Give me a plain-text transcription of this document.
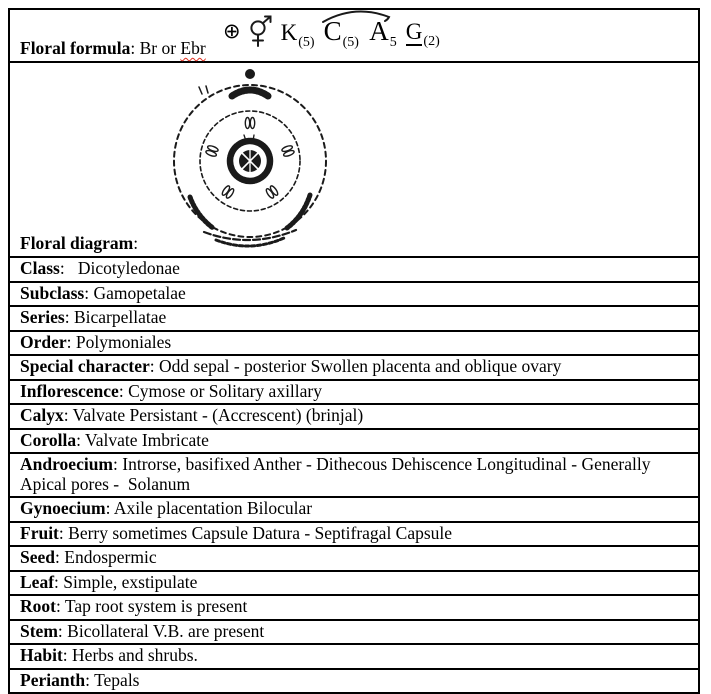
⊕ $K_{(5)}$ $C_{(5)}$ $A_5$ $G_{(2)}$
Floral formula: Br or Ebr
Floral diagram:
Class:   Dicotyledonae
Subclass: Gamopetalae
Series: Bicarpellatae
Order: Polymoniales
Special character: Odd sepal - posterior Swollen placenta and oblique ovary
Inflorescence: Cymose or Solitary axillary
Calyx: Valvate Persistant - (Accrescent) (brinjal)
Corolla: Valvate Imbricate
Androecium: Introrse, basifixed Anther - Dithecous Dehiscence Longitudinal - Generally Apical pores -  Solanum
Gynoecium: Axile placentation Bilocular
Fruit: Berry sometimes Capsule Datura - Septifragal Capsule
Seed: Endospermic
Leaf: Simple, exstipulate
Root: Tap root system is present
Stem: Bicollateral V.B. are present
Habit: Herbs and shrubs.
Perianth: Tepals
